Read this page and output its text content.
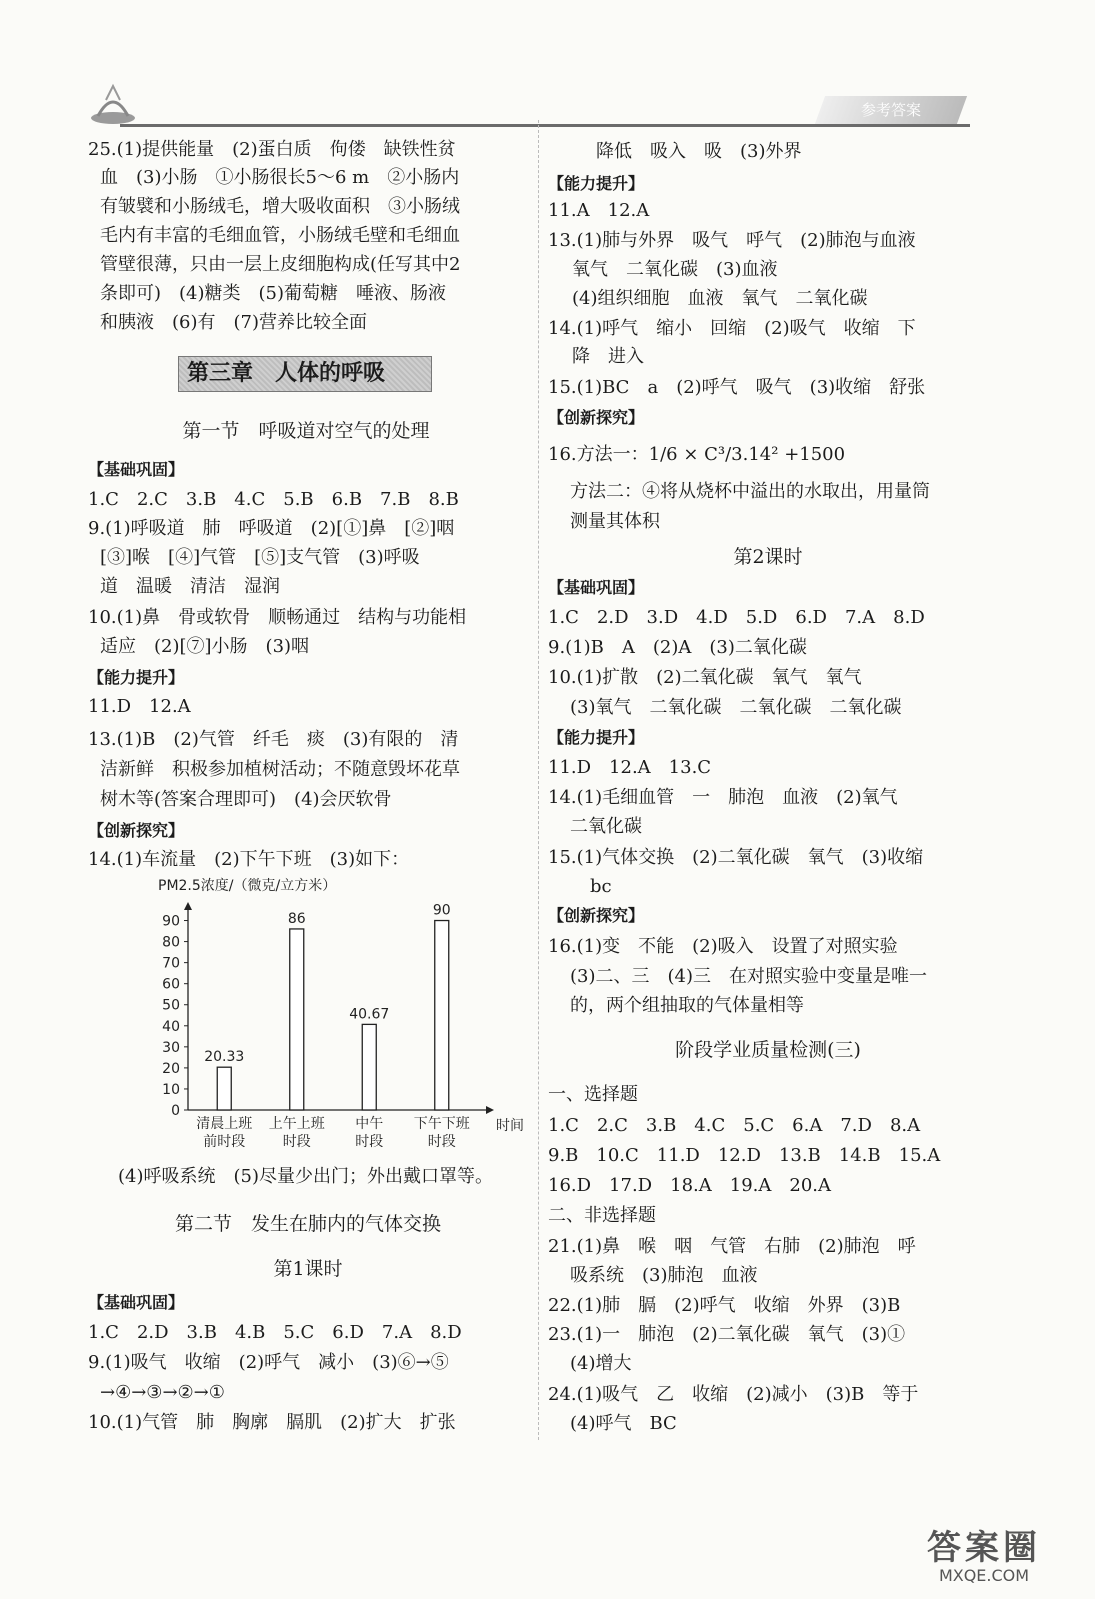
参考答案
25.(1)提供能量　(2)蛋白质　佝偻　缺铁性贫
血　(3)小肠　①小肠很长5～6 m　②小肠内
有皱襞和小肠绒毛，增大吸收面积　③小肠绒
毛内有丰富的毛细血管，小肠绒毛壁和毛细血
管壁很薄，只由一层上皮细胞构成(任写其中2
条即可)　(4)糖类　(5)葡萄糖　唾液、肠液
和胰液　(6)有　(7)营养比较全面
第一节　呼吸道对空气的处理
【基础巩固】
1.C　2.C　3.B　4.C　5.B　6.B　7.B　8.B
9.(1)呼吸道　肺　呼吸道　(2)[①]鼻　[②]咽
[③]喉　[④]气管　[⑤]支气管　(3)呼吸
道　温暖　清洁　湿润
10.(1)鼻　骨或软骨　顺畅通过　结构与功能相
适应　(2)[⑦]小肠　(3)咽
【能力提升】
11.D　12.A
13.(1)B　(2)气管　纤毛　痰　(3)有限的　清
洁新鲜　积极参加植树活动；不随意毁坏花草
树木等(答案合理即可)　(4)会厌软骨
【创新探究】
14.(1)车流量　(2)下午下班　(3)如下：
PM2.5浓度/（微克/立方米）
时间
0
10
20
30
40
50
60
70
80
90
20.33
清晨上班
前时段
86
上午上班
时段
40.67
中午
时段
90
下午下班
时段
(4)呼吸系统　(5)尽量少出门；外出戴口罩等。
第二节　发生在肺内的气体交换
第1课时
【基础巩固】
1.C　2.D　3.B　4.B　5.C　6.D　7.A　8.D
9.(1)吸气　收缩　(2)呼气　减小　(3)⑥→⑤
→④→③→②→①
10.(1)气管　肺　胸廓　膈肌　(2)扩大　扩张
第三章　人体的呼吸
降低　吸入　吸　(3)外界
【能力提升】
11.A　12.A
13.(1)肺与外界　吸气　呼气　(2)肺泡与血液
氧气　二氧化碳　(3)血液
(4)组织细胞　血液　氧气　二氧化碳
14.(1)呼气　缩小　回缩　(2)吸气　收缩　下
降　进入
15.(1)BC　a　(2)呼气　吸气　(3)收缩　舒张
【创新探究】
16.方法一：1/6 × C³/3.14² +1500
方法二：④将从烧杯中溢出的水取出，用量筒
测量其体积
第2课时
【基础巩固】
1.C　2.D　3.D　4.D　5.D　6.D　7.A　8.D
9.(1)B　A　(2)A　(3)二氧化碳
10.(1)扩散　(2)二氧化碳　氧气　氧气
(3)氧气　二氧化碳　二氧化碳　二氧化碳
【能力提升】
11.D　12.A　13.C
14.(1)毛细血管　一　肺泡　血液　(2)氧气
二氧化碳
15.(1)气体交换　(2)二氧化碳　氧气　(3)收缩
bc
【创新探究】
16.(1)变　不能　(2)吸入　设置了对照实验
(3)二、三　(4)三　在对照实验中变量是唯一
的，两个组抽取的气体量相等
阶段学业质量检测(三)
一、选择题
1.C　2.C　3.B　4.C　5.C　6.A　7.D　8.A
9.B　10.C　11.D　12.D　13.B　14.B　15.A
16.D　17.D　18.A　19.A　20.A
二、非选择题
21.(1)鼻　喉　咽　气管　右肺　(2)肺泡　呼
吸系统　(3)肺泡　血液
22.(1)肺　膈　(2)呼气　收缩　外界　(3)B
23.(1)一　肺泡　(2)二氧化碳　氧气　(3)①
(4)增大
24.(1)吸气　乙　收缩　(2)减小　(3)B　等于
(4)呼气　BC
答案圈
MXQE.COM
